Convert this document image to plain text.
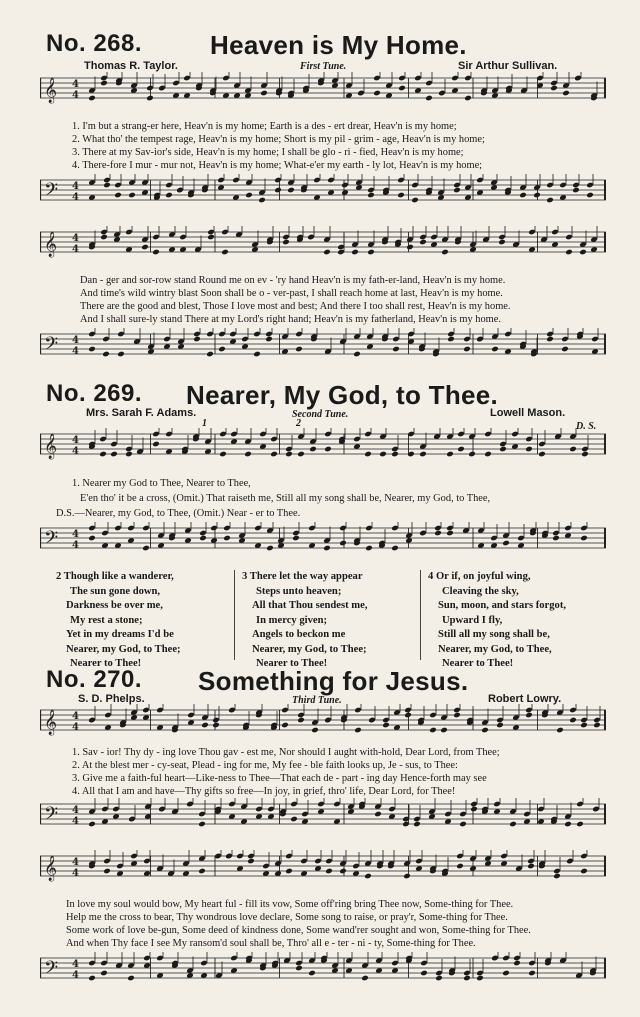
No. 268.	Heaven is My Home.
Thomas R. Taylor.	First Tune.	Sir Arthur Sullivan.
𝄞 4
4
1. I'm but a strang-er here, Heav'n is my home; Earth is a des - ert drear, Heav'n is my home;
2. What tho' the tempest rage, Heav'n is my home; Short is my pil - grim - age, Heav'n is my home;
3. There at my Sav-ior's side, Heav'n is my home; I shall be glo - ri - fied, Heav'n is my home;
4. There-fore I mur - mur not, Heav'n is my home; What-e'er my earth - ly lot, Heav'n is my home;
𝄢 4
4
𝄞 4
4
Dan - ger and sor-row stand Round me on ev - 'ry hand Heav'n is my fath-er-land, Heav'n is my home.
And time's wild wintry blast Soon shall be o - ver-past, I shall reach home at last, Heav'n is my home.
There are the good and blest, Those I love most and best; And there I too shall rest, Heav'n is my home.
And I shall sure-ly stand There at my Lord's right hand; Heav'n is my fatherland, Heav'n is my home.
𝄢 4
4
No. 269. Nearer, My God, to Thee.
Mrs. Sarah F. Adams.	Second Tune.	Lowell Mason.
1	2	D. S.
𝄞 4
4
1. Nearer my God to Thee, Nearer to Thee,
E'en tho' it be a cross, (Omit.) That raiseth me, Still all my song shall be, Nearer, my God, to Thee,
D.S.—Nearer, my God, to Thee, (Omit.) Near - er to Thee.
𝄢 4
4
2 Though like a wanderer,
The sun gone down,
Darkness be over me,
My rest a stone;
Yet in my dreams I'd be
Nearer, my God, to Thee;
Nearer to Thee!
3 There let the way appear
Steps unto heaven;
All that Thou sendest me,
In mercy given;
Angels to beckon me
Nearer, my God, to Thee;
Nearer to Thee!
4 Or if, on joyful wing,
Cleaving the sky,
Sun, moon, and stars forgot,
Upward I fly,
Still all my song shall be,
Nearer, my God, to Thee,
Nearer to Thee!
No. 270. Something for Jesus.
S. D. Phelps.	Third Tune.	Robert Lowry.
𝄞 4
4
1. Sav - ior! Thy dy - ing love Thou gav - est me, Nor should I aught with-hold, Dear Lord, from Thee;
2. At the blest mer - cy-seat, Plead - ing for me, My fee - ble faith looks up, Je - sus, to Thee:
3. Give me a faith-ful heart—Like-ness to Thee—That each de - part - ing day Hence-forth may see
4. All that I am and have—Thy gifts so free—In joy, in grief, thro' life, Dear Lord, for Thee!
𝄢 4
4
𝄞 4
4
In love my soul would bow, My heart ful - fill its vow, Some off'ring bring Thee now, Some-thing for Thee.
Help me the cross to bear, Thy wondrous love declare, Some song to raise, or pray'r, Some-thing for Thee.
Some work of love be-gun, Some deed of kindness done, Some wand'rer sought and won, Some-thing for Thee.
And when Thy face I see My ransom'd soul shall be, Thro' all e - ter - ni - ty, Some-thing for Thee.
𝄢 4
4
